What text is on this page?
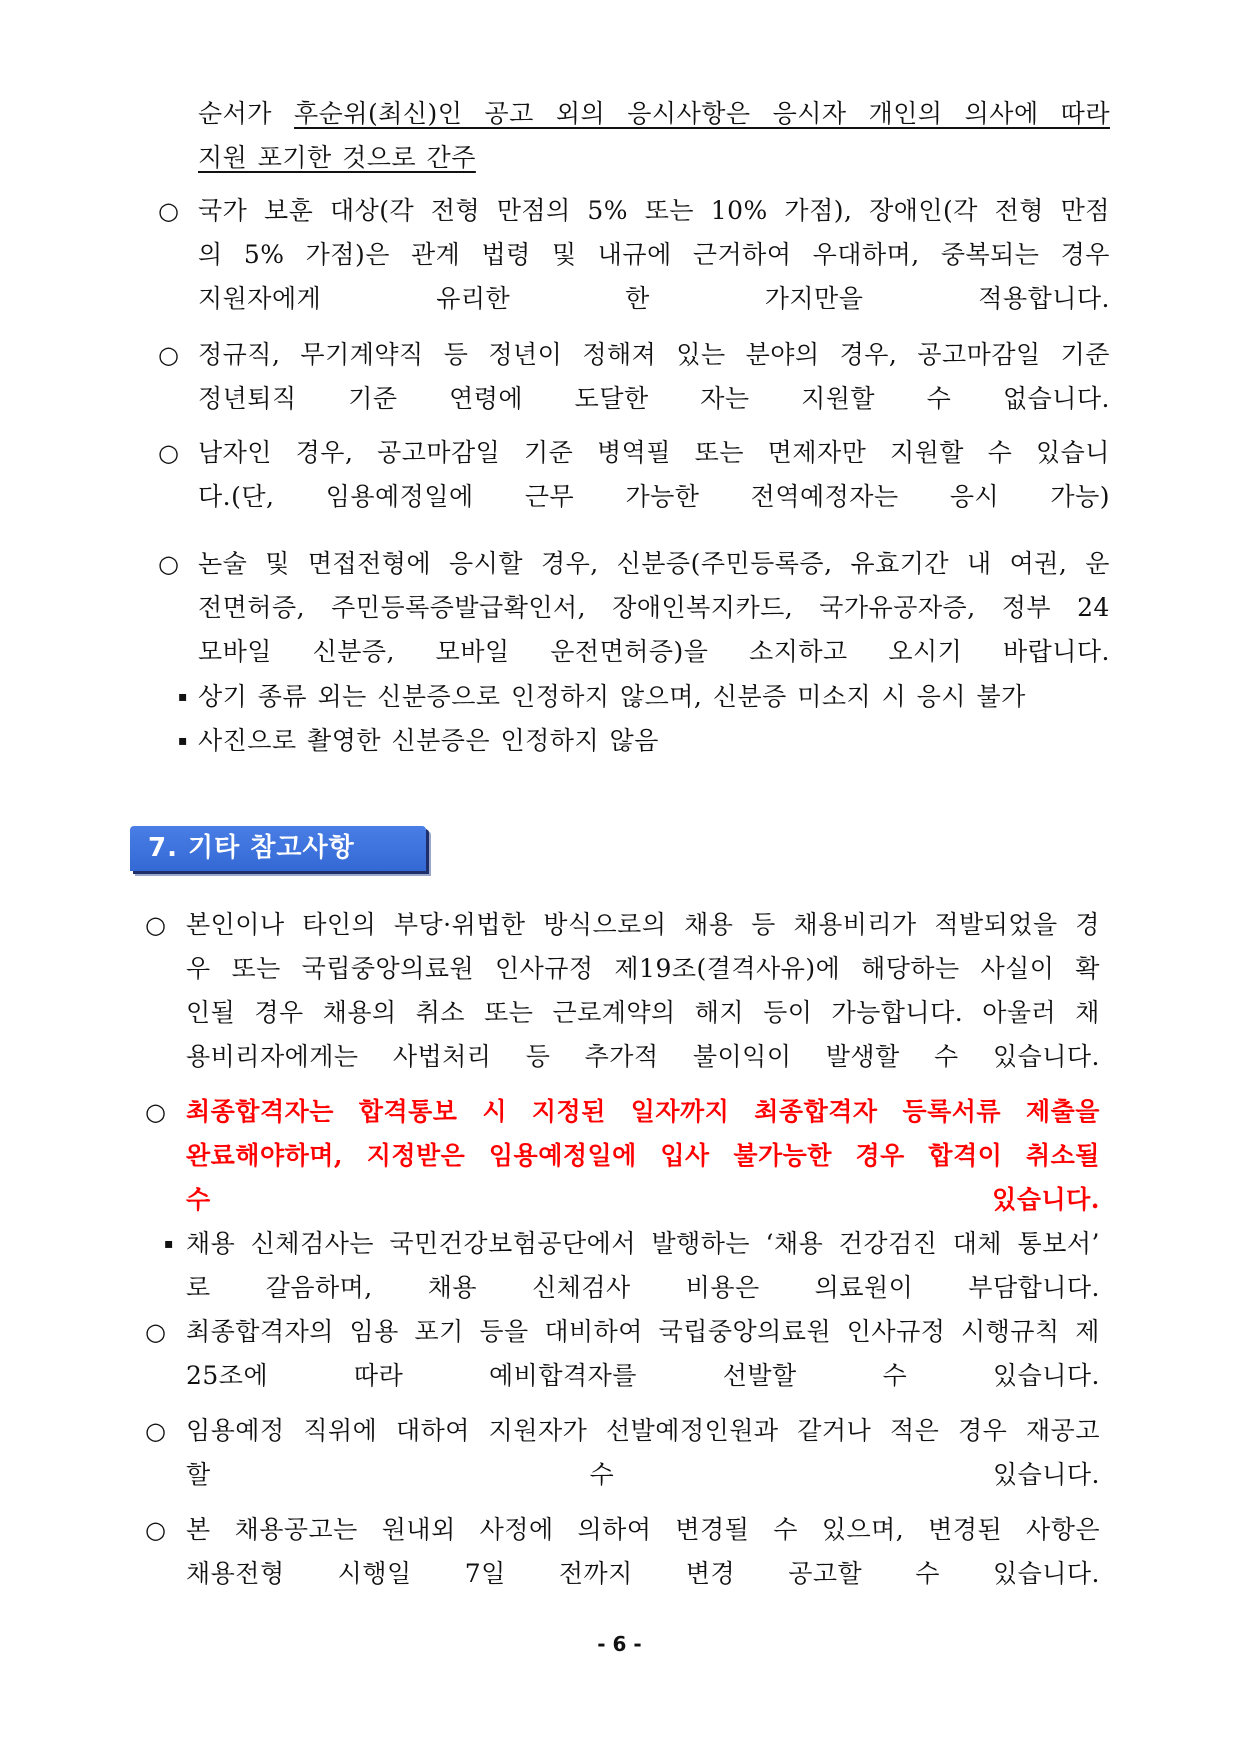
순서가 후순위(최신)인 공고 외의 응시사항은 응시자 개인의 의사에 따라
지원 포기한 것으로 간주
○ 국가 보훈 대상(각 전형 만점의 5% 또는 10% 가점), 장애인(각 전형 만점
의 5% 가점)은 관계 법령 및 내규에 근거하여 우대하며, 중복되는 경우
지원자에게 유리한 한 가지만을 적용합니다.
○ 정규직, 무기계약직 등 정년이 정해져 있는 분야의 경우, 공고마감일 기준
정년퇴직 기준 연령에 도달한 자는 지원할 수 없습니다.
○ 남자인 경우, 공고마감일 기준 병역필 또는 면제자만 지원할 수 있습니
다.(단, 임용예정일에 근무 가능한 전역예정자는 응시 가능)
○ 논술 및 면접전형에 응시할 경우, 신분증(주민등록증, 유효기간 내 여권, 운
전면허증, 주민등록증발급확인서, 장애인복지카드, 국가유공자증, 정부 24
모바일 신분증, 모바일 운전면허증)을 소지하고 오시기 바랍니다.
▪ 상기 종류 외는 신분증으로 인정하지 않으며, 신분증 미소지 시 응시 불가
▪ 사진으로 촬영한 신분증은 인정하지 않음
7. 기타 참고사항
○ 본인이나 타인의 부당·위법한 방식으로의 채용 등 채용비리가 적발되었을 경
우 또는 국립중앙의료원 인사규정 제19조(결격사유)에 해당하는 사실이 확
인될 경우 채용의 취소 또는 근로계약의 해지 등이 가능합니다. 아울러 채
용비리자에게는 사법처리 등 추가적 불이익이 발생할 수 있습니다.
○ 최종합격자는 합격통보 시 지정된 일자까지 최종합격자 등록서류 제출을
완료해야하며, 지정받은 임용예정일에 입사 불가능한 경우 합격이 취소될
수 있습니다.
▪ 채용 신체검사는 국민건강보험공단에서 발행하는 ‘채용 건강검진 대체 통보서’
로 갈음하며, 채용 신체검사 비용은 의료원이 부담합니다.
○ 최종합격자의 임용 포기 등을 대비하여 국립중앙의료원 인사규정 시행규칙 제
25조에 따라 예비합격자를 선발할 수 있습니다.
○ 임용예정 직위에 대하여 지원자가 선발예정인원과 같거나 적은 경우 재공고
할 수 있습니다.
○ 본 채용공고는 원내외 사정에 의하여 변경될 수 있으며, 변경된 사항은
채용전형 시행일 7일 전까지 변경 공고할 수 있습니다.
- 6 -
